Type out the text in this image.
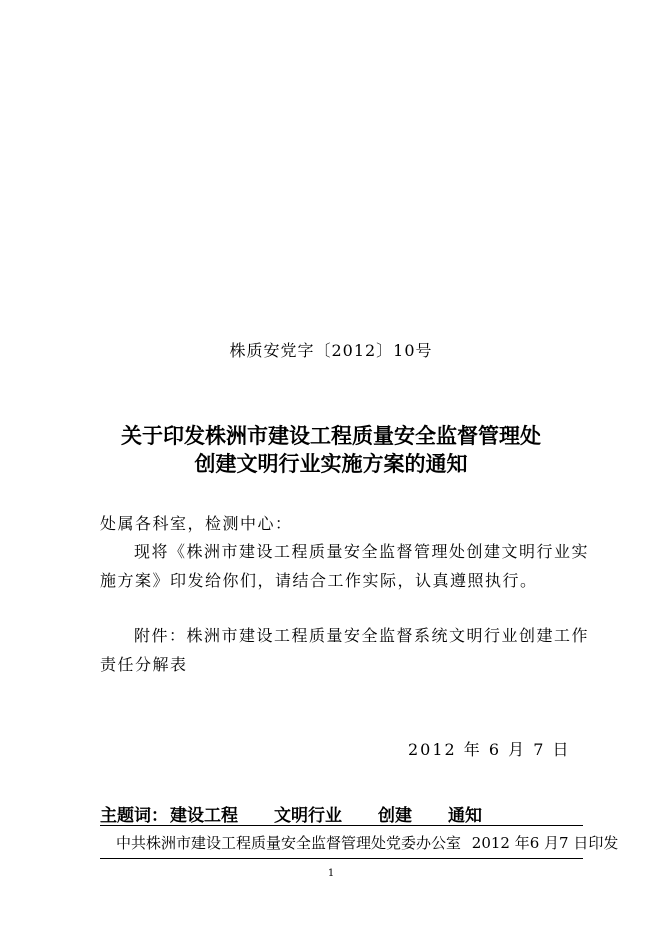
株质安党字〔2012〕10号
关于印发株洲市建设工程质量安全监督管理处
创建文明行业实施方案的通知
处属各科室，检测中心：

现将《株洲市建设工程质量安全监督管理处创建文明行业实施方案》印发给你们，请结合工作实际，认真遵照执行。

附件：株洲市建设工程质量安全监督系统文明行业创建工作责任分解表

2012 年 6 月 7 日
主题词： 建设工程 文明行业 创建 通知
中共株洲市建设工程质量安全监督管理处党委办公室 2012 年6 月7 日印发
1
